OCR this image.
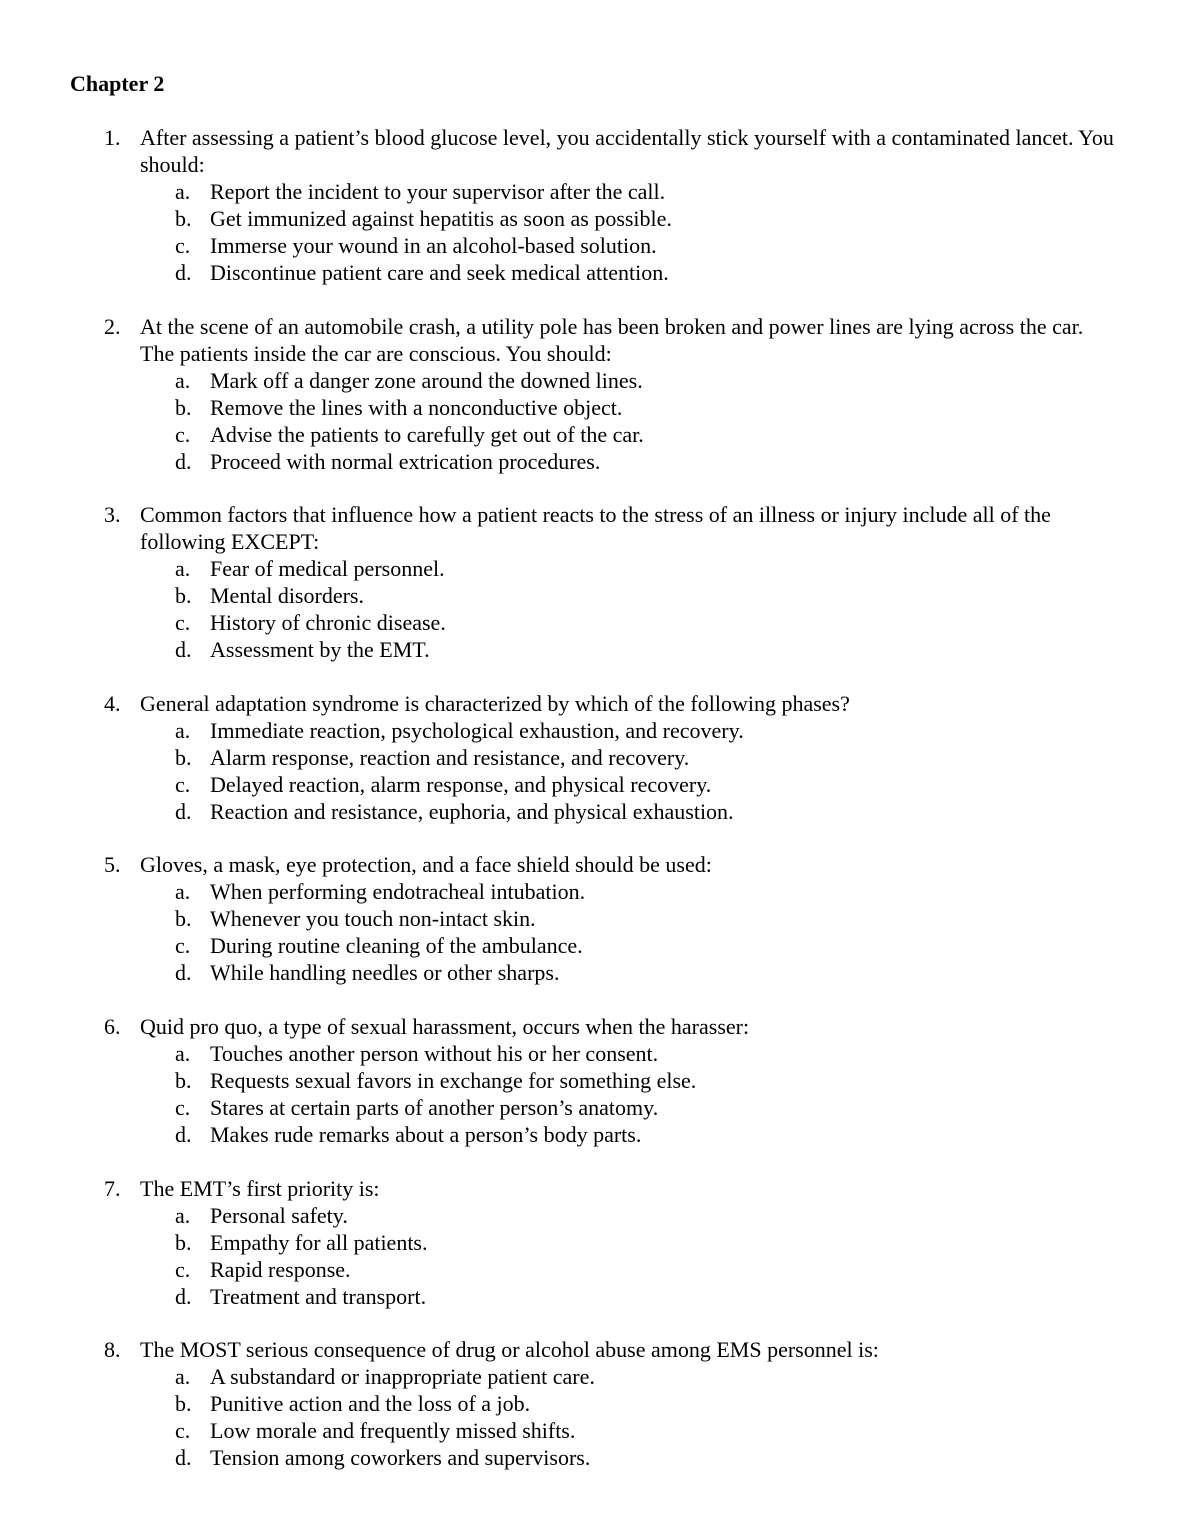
Chapter 2
1. After assessing a patient’s blood glucose level, you accidentally stick yourself with a contaminated lancet. You should:
a. Report the incident to your supervisor after the call.
b. Get immunized against hepatitis as soon as possible.
c. Immerse your wound in an alcohol-based solution.
d. Discontinue patient care and seek medical attention.
2. At the scene of an automobile crash, a utility pole has been broken and power lines are lying across the car. The patients inside the car are conscious. You should:
a. Mark off a danger zone around the downed lines.
b. Remove the lines with a nonconductive object.
c. Advise the patients to carefully get out of the car.
d. Proceed with normal extrication procedures.
3. Common factors that influence how a patient reacts to the stress of an illness or injury include all of the following EXCEPT:
a. Fear of medical personnel.
b. Mental disorders.
c. History of chronic disease.
d. Assessment by the EMT.
4. General adaptation syndrome is characterized by which of the following phases?
a. Immediate reaction, psychological exhaustion, and recovery.
b. Alarm response, reaction and resistance, and recovery.
c. Delayed reaction, alarm response, and physical recovery.
d. Reaction and resistance, euphoria, and physical exhaustion.
5. Gloves, a mask, eye protection, and a face shield should be used:
a. When performing endotracheal intubation.
b. Whenever you touch non-intact skin.
c. During routine cleaning of the ambulance.
d. While handling needles or other sharps.
6. Quid pro quo, a type of sexual harassment, occurs when the harasser:
a. Touches another person without his or her consent.
b. Requests sexual favors in exchange for something else.
c. Stares at certain parts of another person’s anatomy.
d. Makes rude remarks about a person’s body parts.
7. The EMT’s first priority is:
a. Personal safety.
b. Empathy for all patients.
c. Rapid response.
d. Treatment and transport.
8. The MOST serious consequence of drug or alcohol abuse among EMS personnel is:
a. A substandard or inappropriate patient care.
b. Punitive action and the loss of a job.
c. Low morale and frequently missed shifts.
d. Tension among coworkers and supervisors.
